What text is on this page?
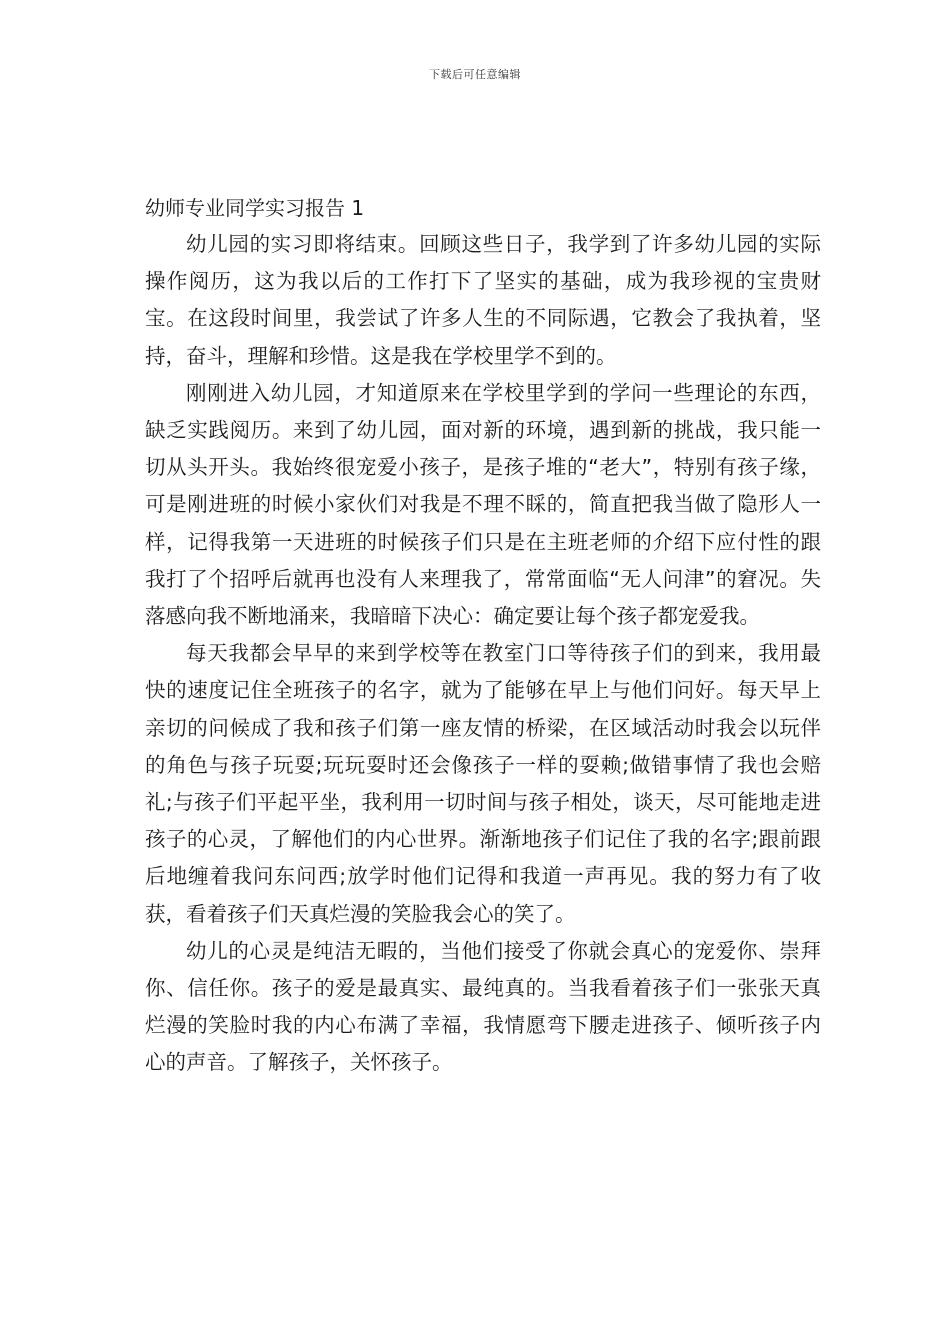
下载后可任意编辑
幼师专业同学实习报告 1

幼儿园的实习即将结束。回顾这些日子，我学到了许多幼儿园的实际操作阅历，这为我以后的工作打下了坚实的基础，成为我珍视的宝贵财宝。在这段时间里，我尝试了许多人生的不同际遇，它教会了我执着，坚持，奋斗，理解和珍惜。这是我在学校里学不到的。

刚刚进入幼儿园，才知道原来在学校里学到的学问一些理论的东西，缺乏实践阅历。来到了幼儿园，面对新的环境，遇到新的挑战，我只能一切从头开头。我始终很宠爱小孩子，是孩子堆的“老大”，特别有孩子缘，可是刚进班的时候小家伙们对我是不理不睬的，简直把我当做了隐形人一样，记得我第一天进班的时候孩子们只是在主班老师的介绍下应付性的跟我打了个招呼后就再也没有人来理我了，常常面临“无人问津”的窘况。失落感向我不断地涌来，我暗暗下决心：确定要让每个孩子都宠爱我。

每天我都会早早的来到学校等在教室门口等待孩子们的到来，我用最快的速度记住全班孩子的名字，就为了能够在早上与他们问好。每天早上亲切的问候成了我和孩子们第一座友情的桥梁，在区域活动时我会以玩伴的角色与孩子玩耍;玩玩耍时还会像孩子一样的耍赖;做错事情了我也会赔礼;与孩子们平起平坐，我利用一切时间与孩子相处，谈天，尽可能地走进孩子的心灵，了解他们的内心世界。渐渐地孩子们记住了我的名字;跟前跟后地缠着我问东问西;放学时他们记得和我道一声再见。我的努力有了收获，看着孩子们天真烂漫的笑脸我会心的笑了。

幼儿的心灵是纯洁无暇的，当他们接受了你就会真心的宠爱你、崇拜你、信任你。孩子的爱是最真实、最纯真的。当我看着孩子们一张张天真烂漫的笑脸时我的内心布满了幸福，我情愿弯下腰走进孩子、倾听孩子内心的声音。了解孩子，关怀孩子。
